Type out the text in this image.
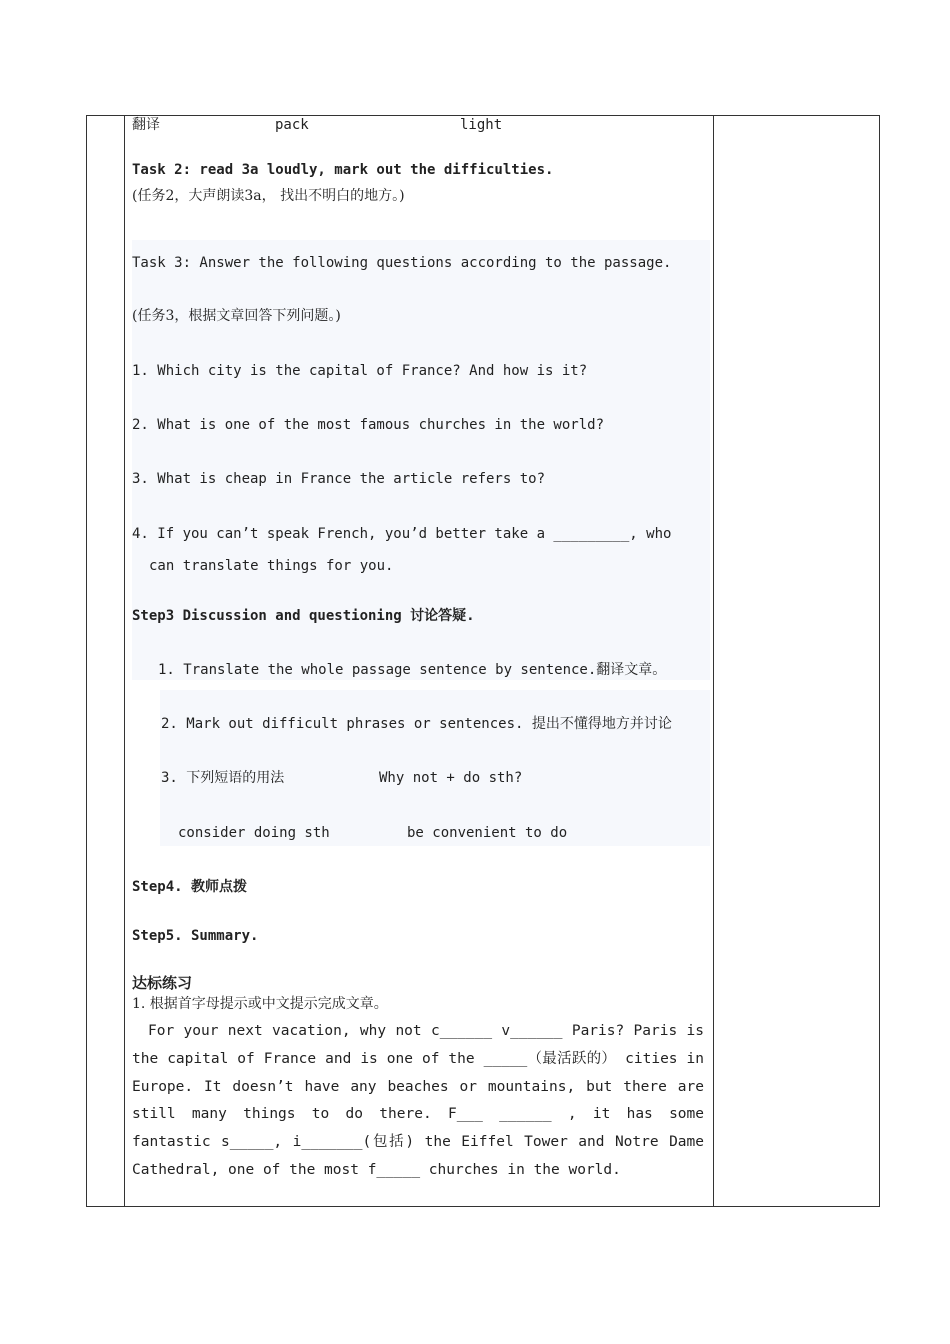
翻译	pack	light
Task 2: read 3a loudly, mark out the difficulties.
(任务2，大声朗读3a， 找出不明白的地方。)
Task 3: Answer the following questions according to the passage.
(任务3，根据文章回答下列问题。)
1. Which city is the capital of France? And how is it?
2. What is one of the most famous churches in the world?
3. What is cheap in France the article refers to?
4. If you can’t speak French, you’d better take a _________, who
can translate things for you.
Step3 Discussion and questioning 讨论答疑.
1. Translate the whole passage sentence by sentence.翻译文章。
2. Mark out difficult phrases or sentences. 提出不懂得地方并讨论
3. 下列短语的用法	Why not + do sth?
consider doing sth	be convenient to do
Step4. 教师点拨
Step5. Summary.
达标练习
1. 根据首字母提示或中文提示完成文章。
For your next vacation, why not c______ v______ Paris? Paris is the capital of France and is one of the _____（最活跃的） cities in Europe. It doesn’t have any beaches or mountains, but there are still many things to do there. F___ ______ , it has some fantastic s_____, i_______(包括) the Eiffel Tower and Notre Dame Cathedral, one of the most f_____ churches in the world.
